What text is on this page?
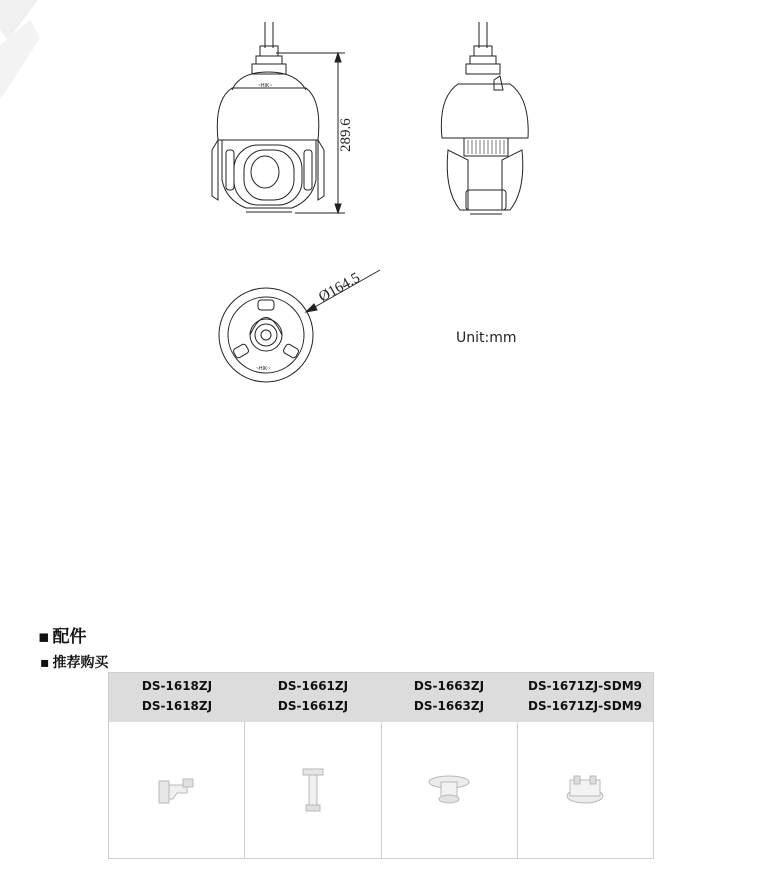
~HIK~
~HIK~
289.6
Ø164.5
Unit:mm
▪ 配件
▪ 推荐购买
DS-1618ZJ
DS-1618ZJ
DS-1661ZJ
DS-1661ZJ
DS-1663ZJ
DS-1663ZJ
DS-1671ZJ-SDM9
DS-1671ZJ-SDM9
